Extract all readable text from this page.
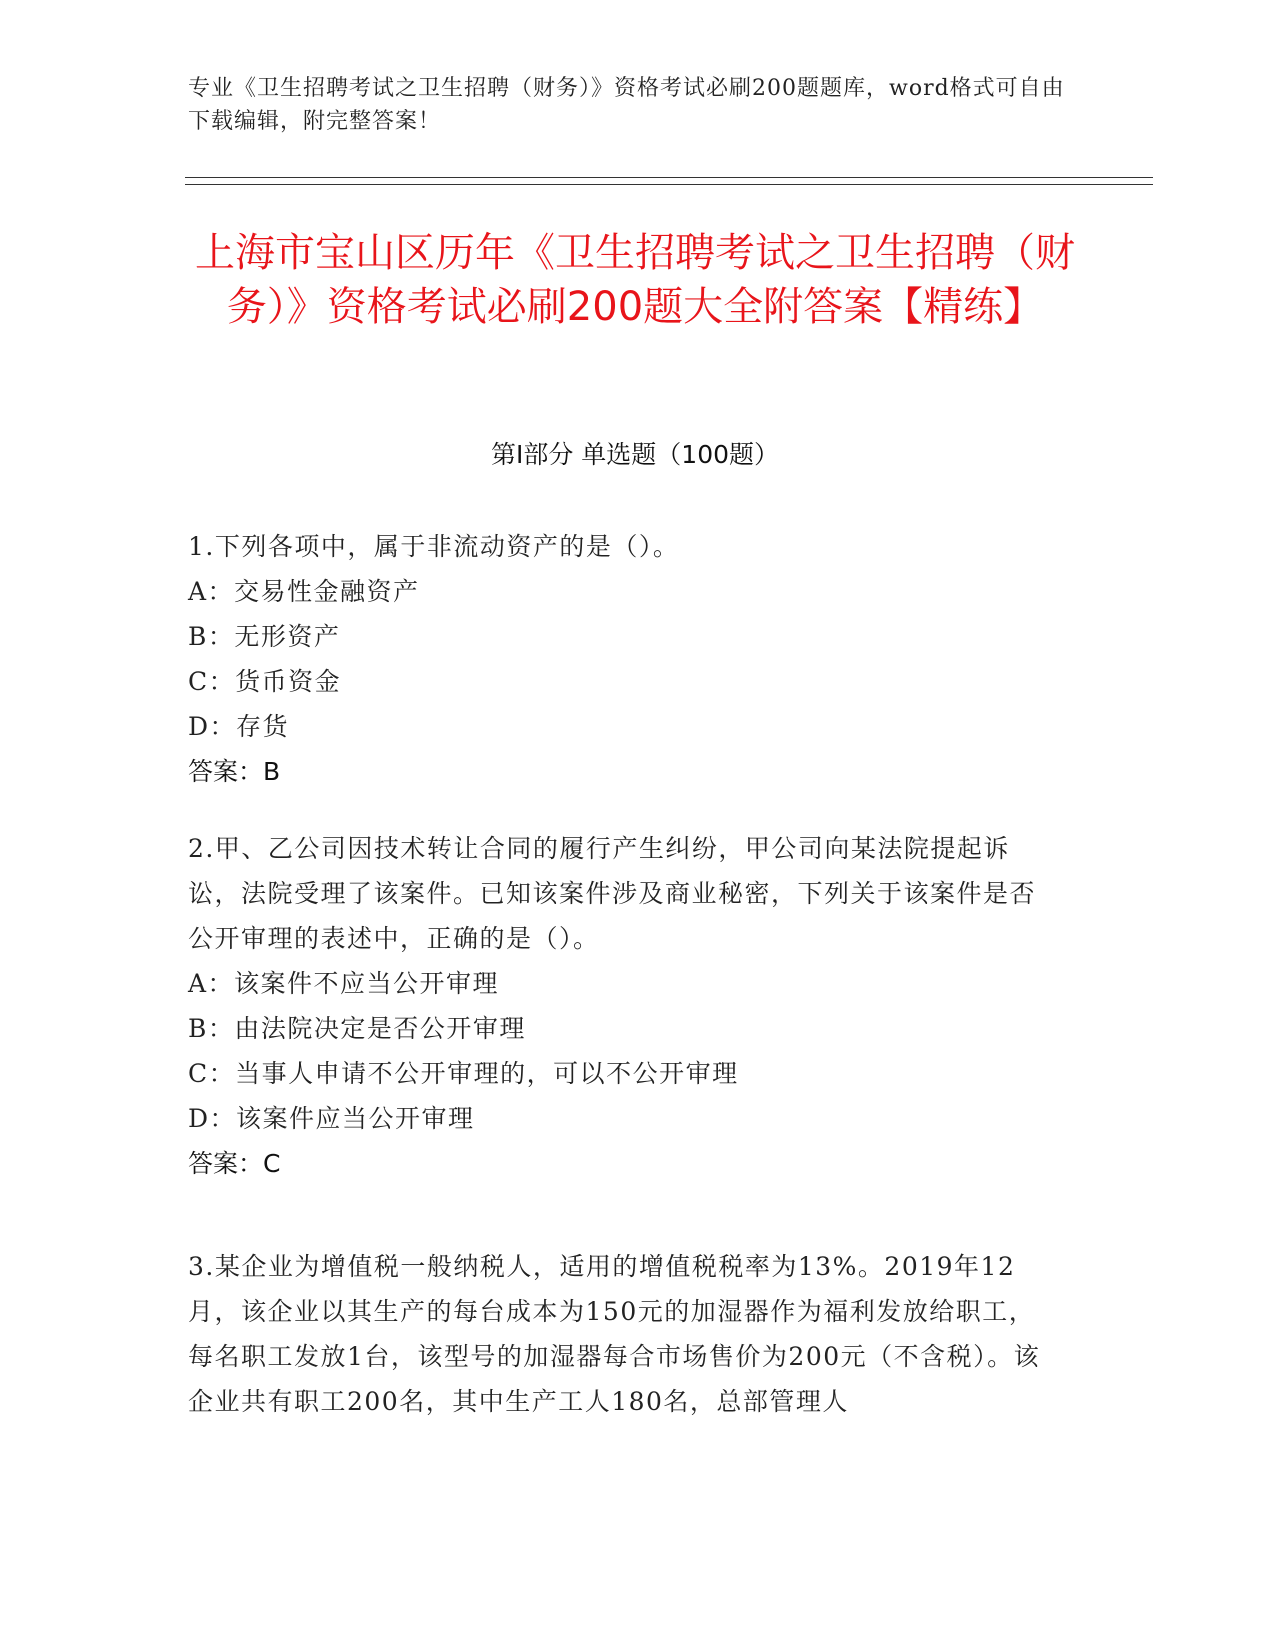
专业《卫生招聘考试之卫生招聘（财务）》资格考试必刷200题题库，word格式可自由下载编辑，附完整答案！
上海市宝山区历年《卫生招聘考试之卫生招聘（财务）》资格考试必刷200题大全附答案【精练】
第I部分 单选题（100题）

1.下列各项中，属于非流动资产的是（）。

A：交易性金融资产

B：无形资产

C：货币资金

D：存货

答案：B

2.甲、乙公司因技术转让合同的履行产生纠纷，甲公司向某法院提起诉讼，法院受理了该案件。已知该案件涉及商业秘密，下列关于该案件是否公开审理的表述中，正确的是（）。

A：该案件不应当公开审理

B：由法院决定是否公开审理

C：当事人申请不公开审理的，可以不公开审理

D：该案件应当公开审理

答案：C

3.某企业为增值税一般纳税人，适用的增值税税率为13%。2019年12月，该企业以其生产的每台成本为150元的加湿器作为福利发放给职工，每名职工发放1台，该型号的加湿器每合市场售价为200元（不含税）。该企业共有职工200名，其中生产工人180名，总部管理人
